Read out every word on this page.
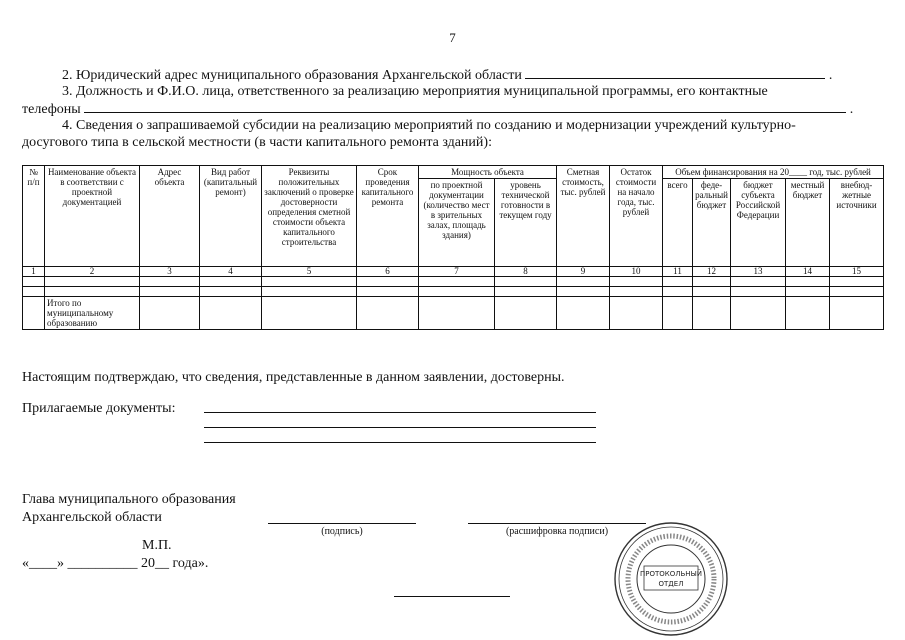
7
2. Юридический адрес муниципального образования Архангельской области	.
3. Должность и Ф.И.О. лица, ответственного за реализацию мероприятия муниципальной программы, его контактные
телефоны	.
4. Сведения о запрашиваемой субсидии на реализацию мероприятий по созданию и модернизации учреждений культурно-
досугового типа в сельской местности (в части капитального ремонта зданий):
№ п/п	Наименование объекта в соответствии с проектной документацией	Адрес объекта	Вид работ (капитальный ремонт)	Реквизиты положительных заключений о проверке достоверности определения сметной стоимости объекта капитального строительства	Срок проведения капитального ремонта	Мощность объекта		Сметная стоимость, тыс. рублей	Остаток стоимости на начало года, тыс. рублей	Объем финансирования на 20____ год, тыс. рублей				
						по проектной документации (количество мест в зрительных залах, площадь здания)	уровень технической готовности в текущем году			всего	феде-ральный бюджет	бюджет субъекта Российской Федерации	местный бюджет	внебюд-жетные источники
1	2	3	4	5	6	7	8	9	10	11	12	13	14	15

	Итого по муниципальному образованию													
Настоящим подтверждаю, что сведения, представленные в данном заявлении, достоверны.
Прилагаемые документы:
Глава муниципального образования
Архангельской области
(подпись)	(расшифровка подписи)
М.П.
«____» __________ 20__ года».
ПРОТОКОЛЬНЫЙ
ОТДЕЛ
